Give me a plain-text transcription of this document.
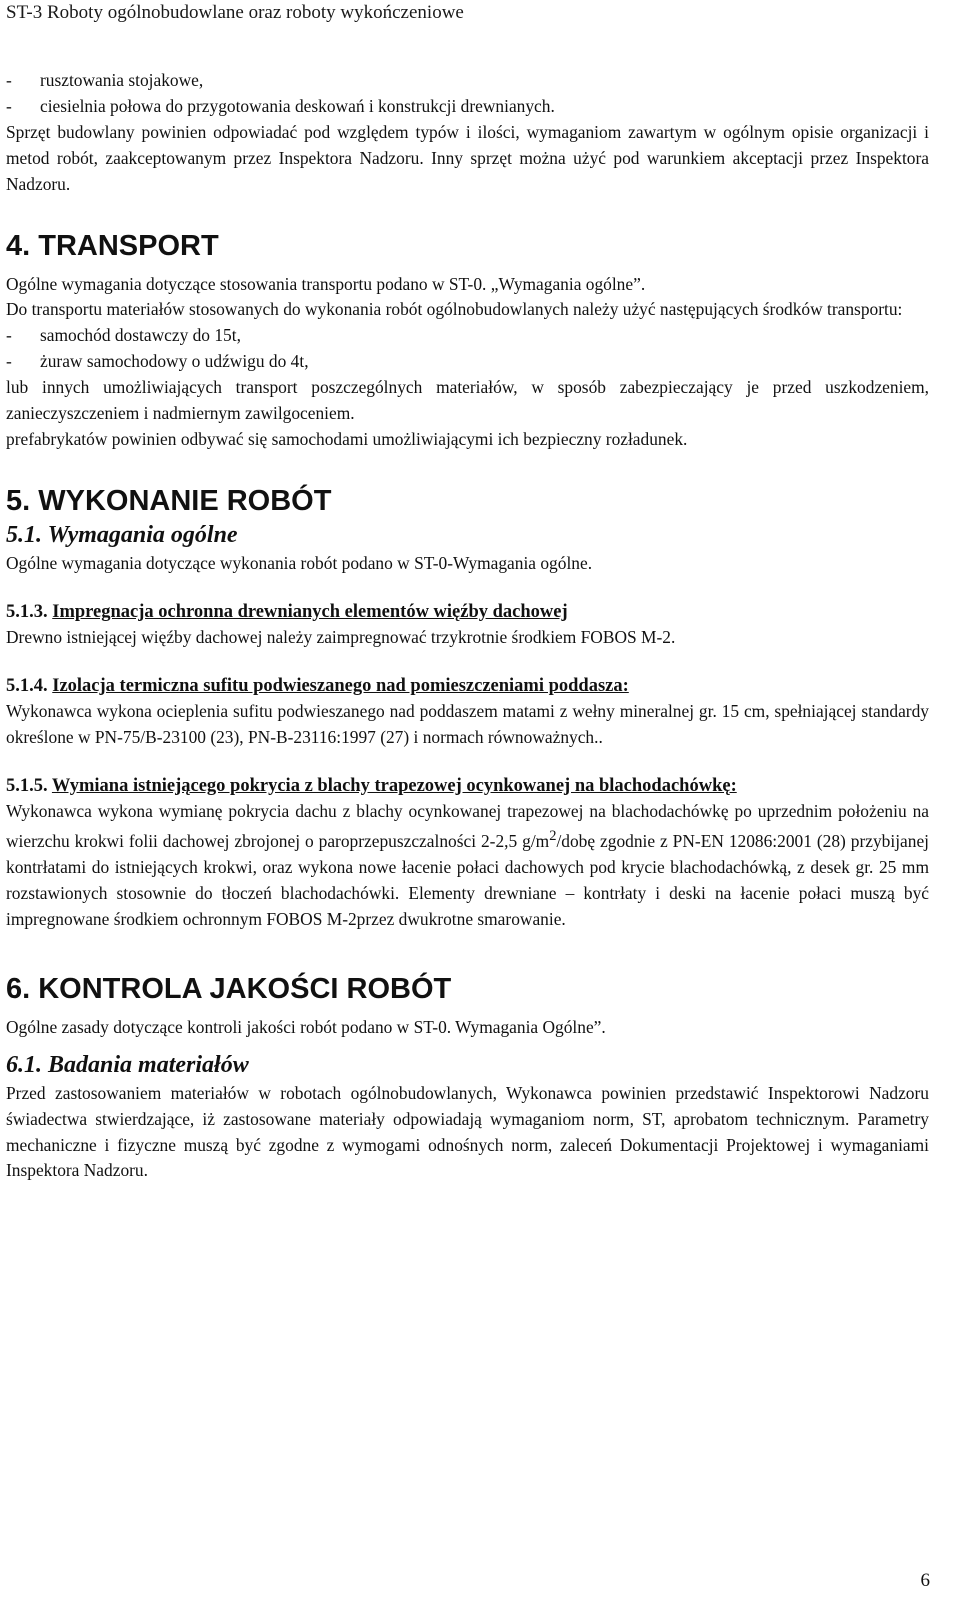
ST-3 Roboty ogólnobudowlane oraz roboty wykończeniowe

- rusztowania stojakowe,

- ciesielnia połowa do przygotowania deskowań i konstrukcji drewnianych.

Sprzęt budowlany powinien odpowiadać pod względem typów i ilości, wymaganiom zawartym w ogólnym opisie organizacji i metod robót, zaakceptowanym przez Inspektora Nadzoru. Inny sprzęt można użyć pod warunkiem akceptacji przez Inspektora Nadzoru.

4. TRANSPORT

Ogólne wymagania dotyczące stosowania transportu podano w ST-0. „Wymagania ogólne”.

Do transportu materiałów stosowanych do wykonania robót ogólnobudowlanych należy użyć następujących środków transportu:

- samochód dostawczy do 15t,

- żuraw samochodowy o udźwigu do 4t,

lub innych umożliwiających transport poszczególnych materiałów, w sposób zabezpieczający je przed uszkodzeniem, zanieczyszczeniem i nadmiernym zawilgoceniem.

prefabrykatów powinien odbywać się samochodami umożliwiającymi ich bezpieczny rozładunek.

5. WYKONANIE ROBÓT
5.1. Wymagania ogólne

Ogólne wymagania dotyczące wykonania robót podano w ST-0-Wymagania ogólne.

5.1.3. Impregnacja ochronna drewnianych elementów więźby dachowej

Drewno istniejącej więźby dachowej należy zaimpregnować trzykrotnie środkiem FOBOS M-2.

5.1.4. Izolacja termiczna sufitu podwieszanego nad pomieszczeniami poddasza:

Wykonawca wykona ocieplenia sufitu podwieszanego nad poddaszem matami z wełny mineralnej gr. 15 cm, spełniającej standardy określone w PN-75/B-23100 (23), PN-B-23116:1997 (27) i normach równoważnych..

5.1.5. Wymiana istniejącego pokrycia z blachy trapezowej ocynkowanej na blachodachówkę:

Wykonawca wykona wymianę pokrycia dachu z blachy ocynkowanej trapezowej na blachodachówkę po uprzednim położeniu na wierzchu krokwi folii dachowej zbrojonej o paroprzepuszczalności 2-2,5 $g/m^2$/dobę zgodnie z PN-EN 12086:2001 (28) przybijanej kontrłatami do istniejących krokwi, oraz wykona nowe łacenie połaci dachowych pod krycie blachodachówką, z desek gr. 25 mm rozstawionych stosownie do tłoczeń blachodachówki. Elementy drewniane – kontrłaty i deski na łacenie połaci muszą być impregnowane środkiem ochronnym FOBOS M-2przez dwukrotne smarowanie.

6. KONTROLA JAKOŚCI ROBÓT

Ogólne zasady dotyczące kontroli jakości robót podano w ST-0. Wymagania Ogólne”.

6.1. Badania materiałów

Przed zastosowaniem materiałów w robotach ogólnobudowlanych, Wykonawca powinien przedstawić Inspektorowi Nadzoru świadectwa stwierdzające, iż zastosowane materiały odpowiadają wymaganiom norm, ST, aprobatom technicznym. Parametry mechaniczne i fizyczne muszą być zgodne z wymogami odnośnych norm, zaleceń Dokumentacji Projektowej i wymaganiami Inspektora Nadzoru.

6
